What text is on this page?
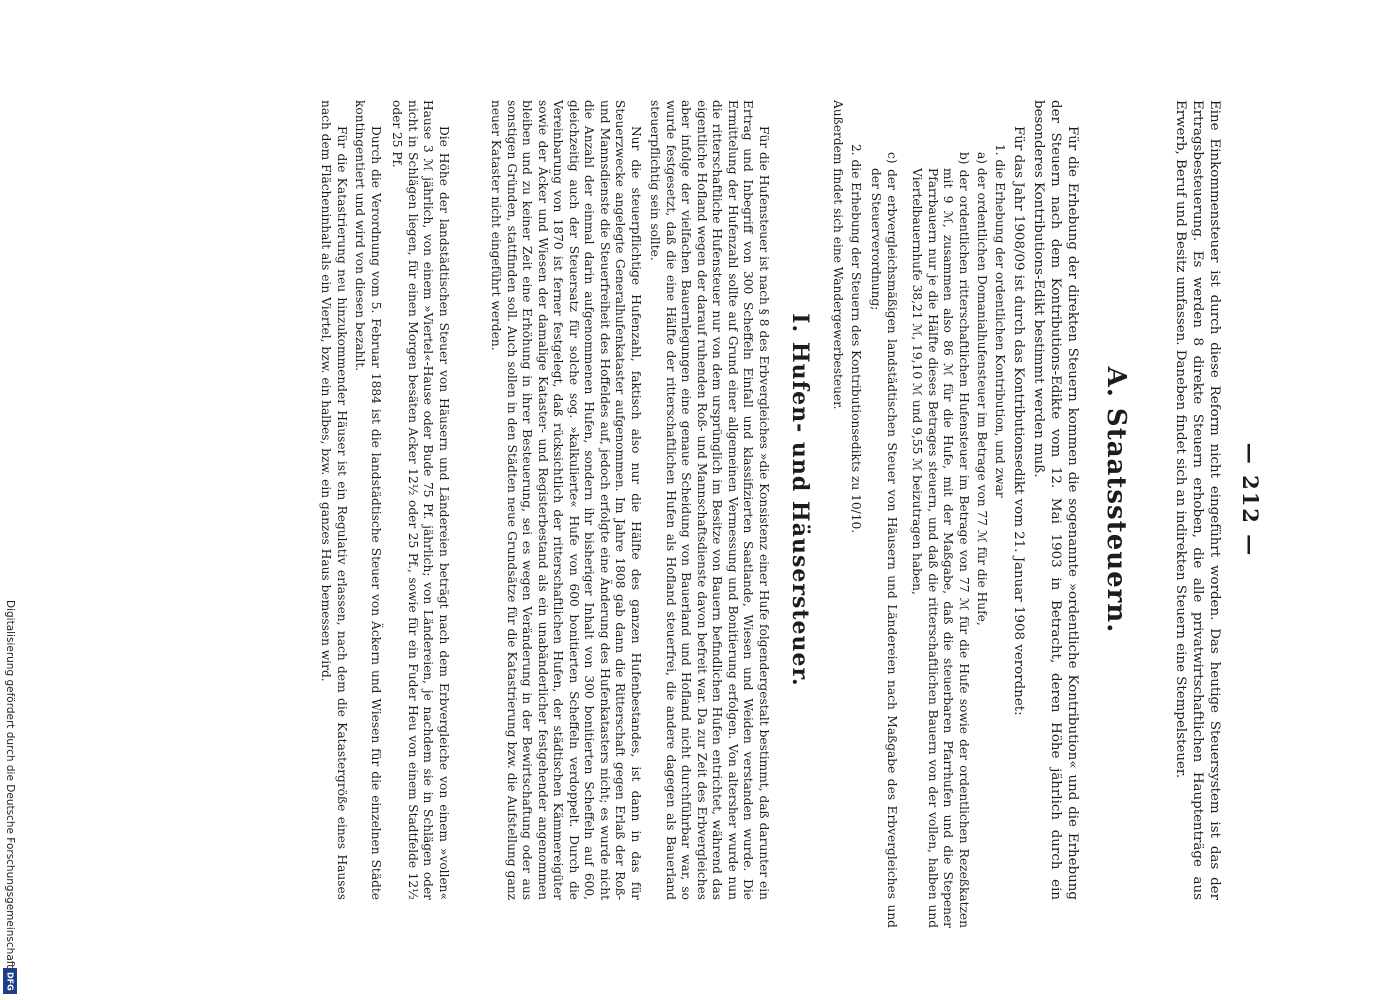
— 212 —
Eine Einkommensteuer ist durch diese Reform nicht eingeführt worden. Das heutige Steuersystem ist das der Ertragsbesteuerung. Es werden 8 direkte Steuern erhoben, die alle privatwirtschaftlichen Hauptenträge aus Erwerb, Beruf und Besitz umfassen. Daneben findet sich an indirekten Steuern eine Stempelsteuer.
A. Staatssteuern.
Für die Erhebung der direkten Steuern kommen die sogenannte »ordentliche Kontribution« und die Erhebung der Steuern nach dem Kontributions-Edikte vom 12. Mai 1903 in Betracht, deren Höhe jährlich durch ein besonderes Kontributions-Edikt bestimmt werden muß.
Für das Jahr 1908/09 ist durch das Kontributionsedikt vom 21. Januar 1908 verordnet:
1. die Erhebung der ordentlichen Kontribution, und zwar
a) der ordentlichen Domanialhufensteuer im Betrage von 77 ℳ für die Hufe,
b) der ordentlichen ritterschaftlichen Hufensteuer im Betrage von 77 ℳ für die Hufe sowie der ordentlichen Rezeßkatzen mit 9 ℳ, zusammen also 86 ℳ für die Hufe, mit der Maßgabe, daß die steuerbaren Pfarrhufen und die Stepener Pfarrbauern nur je die Hälfte dieses Betrages steuern, und daß die ritterschaftlichen Bauern von der vollen, halben und Viertelbauernhufe 38,21 ℳ, 19,10 ℳ und 9,55 ℳ beizutragen haben,
c) der erbvergleichsmäßigen landstädtischen Steuer von Häusern und Ländereien nach Maßgabe des Erbvergleiches und der Steuerverordnung;
2. die Erhebung der Steuern des Kontributionsedikts zu 10/10.
Außerdem findet sich eine Wandergewerbesteuer.
I. Hufen- und Häusersteuer.
Für die Hufensteuer ist nach § 8 des Erbvergleiches »die Konsistenz einer Hufe folgendergestalt bestimmt, daß darunter ein Ertrag und Inbegriff von 300 Scheffeln Einfall und klassifizierten Saatlande, Wiesen und Weiden verstanden wurde. Die Ermittelung der Hufenzahl sollte auf Grund einer allgemeinen Vermessung und Bonitierung erfolgen. Von altersher wurde nun die ritterschaftliche Hufensteuer nur von dem ursprünglich im Besitze von Bauern befindlichen Hufen entrichtet, während das eigentliche Hofland wegen der darauf ruhenden Roß- und Mannschaftsdienste davon befreit war. Da zur Zeit des Erbvergleiches aber infolge der vielfachen Bauernlegungen eine genaue Scheidung von Bauerland und Hofland nicht durchführbar war, so wurde festgesetzt, daß die eine Hälfte der ritterschaftlichen Hufen als Hofland steuerfrei, die andere dagegen als Bauerland steuerpflichtig sein sollte.
Nur die steuerpflichtige Hufenzahl, faktisch also nur die Hälfte des ganzen Hufenbestandes, ist dann in das für Steuerzwecke angelegte Generalhufenkataster aufgenommen. Im Jahre 1808 gab dann die Ritterschaft gegen Erlaß der Roß- und Mannsdienste die Steuerfreiheit des Hoffeldes auf, jedoch erfolgte eine Änderung des Hufenkatasters nicht; es wurde nicht die Anzahl der einmal darin aufgenommenen Hufen, sondern ihr bisheriger Inhalt von 300 bonitierten Scheffeln auf 600, gleichzeitig auch der Steuersatz für solche sog. »kalkulierte« Hufe von 600 bonitierten Scheffeln verdoppelt. Durch die Vereinbarung von 1870 ist ferner festgelegt, daß rücksichtlich der ritterschaftlichen Hufen, der städtischen Kämmereigüter sowie der Äcker und Wiesen der damalige Kataster- und Registerbestand als ein unabänderlicher festgehender angenommen bleiben und zu keiner Zeit eine Erhöhung in ihrer Besteuerung, sei es wegen Veränderung in der Bewirtschaftung oder aus sonstigen Gründen, stattfinden soll. Auch sollen in den Städten neue Grundsätze für die Katastrierung bzw. die Aufstellung ganz neuer Kataster nicht eingeführt werden.
Die Höhe der landstädtischen Steuer von Häusern und Ländereien beträgt nach dem Erbvergleiche von einem »vollen« Hause 3 ℳ jährlich, von einem »Viertel«-Hause oder Bude 75 Pf. jährlich; von Ländereien, je nachdem sie in Schlägen oder nicht in Schlägen liegen, für einen Morgen besäten Acker 12½ oder 25 Pf., sowie für ein Fuder Heu von einem Stadtfelde 12½ oder 25 Pf.
Durch die Verordnung vom 5. Februar 1884 ist die landstädtische Steuer von Äckern und Wiesen für die einzelnen Städte kontingentiert und wird von diesen bezahlt.
Für die Katastrierung neu hinzukommender Häuser ist ein Regulativ erlassen, nach dem die Katastergröße eines Hauses nach dem Flächeninhalt als ein Viertel, bzw. ein halbes, bzw. ein ganzes Haus bemessen wird.
Digitalisierung gefördert durch die Deutsche Forschungsgemeinschaft
DFG
